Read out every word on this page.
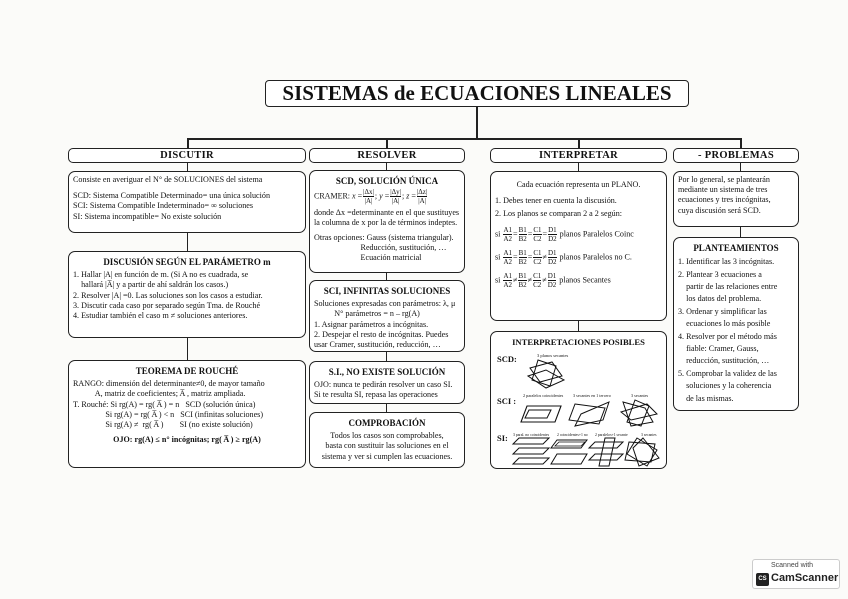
SISTEMAS de ECUACIONES LINEALES
DISCUTIR	RESOLVER	INTERPRETAR	- PROBLEMAS

Consiste en averiguar el N° de SOLUCIONES del sistema

SCD: Sistema Compatible Determinado= una única solución

SCI: Sistema Compatible Indeterminado= ∞ soluciones

SI: Sistema incompatible= No existe solución

DISCUSIÓN SEGÚN EL PARÁMETRO m

1. Hallar |A| en función de m. (Si A no es cuadrada, se

hallará |A̅| y a partir de ahí saldrán los casos.)

2. Resolver |A| =0. Las soluciones son los casos a estudiar.

3. Discutir cada caso por separado según Tma. de Rouché

4. Estudiar también el caso m ≠ soluciones anteriores.

TEOREMA DE ROUCHÉ

RANGO: dimensión del determinante≠0, de mayor tamaño

A, matriz de coeficientes; A̅ , matriz ampliada.

T. Rouché: Si rg(A) = rg( A̅ ) = n   SCD (solución única)

Si rg(A) = rg( A̅ ) < n   SCI (infinitas soluciones)

Si rg(A) ≠  rg( A̅ )        SI (no existe solución)

OJO: rg(A) ≤ n° incógnitas; rg( A̅ ) ≥ rg(A)

SCD, SOLUCIÓN ÚNICA
CRAMER: $x = \frac{|\Delta x|}{|A|}$ ; $y = \frac{|\Delta y|}{|A|}$ ; $z = \frac{|\Delta z|}{|A|}$

donde Δx =determinante en el que sustituyes

la columna de x por la de términos indeptes.

Otras opciones: Gauss (sistema triangular).

Reducción, sustitución, …

Ecuación matricial

SCI, INFINITAS SOLUCIONES

Soluciones expresadas con parámetros: λ, μ

N° parámetros = n – rg(A)

1. Asignar parámetros a incógnitas.

2. Despejar el resto de incógnitas. Puedes

usar Cramer, sustitución, reducción, …

S.I., NO EXISTE SOLUCIÓN

OJO: nunca te pedirán resolver un caso SI.

Si te resulta SI, repasa las operaciones

COMPROBACIÓN

Todos los casos son comprobables,

basta con sustituir las soluciones en el

sistema y ver si cumplen las ecuaciones.

Cada ecuación representa un PLANO.

1. Debes tener en cuenta la discusión.

2. Los planos se comparan 2 a 2 según:

si $\frac{A1}{A2} = \frac{B1}{B2} = \frac{C1}{C2} = \frac{D1}{D2}$ planos Paralelos Coinc
si $\frac{A1}{A2} = \frac{B1}{B2} = \frac{C1}{C2} \ne \frac{D1}{D2}$ planos Paralelos no C.
si $\frac{A1}{A2} \ne \frac{B1}{B2} \ne \frac{C1}{C2} \ne \frac{D1}{D2}$ planos Secantes
INTERPRETACIONES POSIBLES
SCD:	3 planos secantes
SCI :
2 paralelos coincidentes 3 secantes en 1 tercero	3 secantes
SI: 3 paral. no coincidentes 2 coincidentes+1 no 2 paralelos+1 secante	3 secantes

Por lo general, se plantearán

mediante un sistema de tres

ecuaciones y tres incógnitas,

cuya discusión será SCD.

PLANTEAMIENTOS

1. Identificar las 3 incógnitas.

2. Plantear 3 ecuaciones a

partir de las relaciones entre

los datos del problema.

3. Ordenar y simplificar las

ecuaciones lo más posible

4. Resolver por el método más

fiable: Cramer, Gauss,

reducción, sustitución, …

5. Comprobar la validez de las

soluciones y la coherencia

de las mismas.

Scanned with
CS CamScanner
